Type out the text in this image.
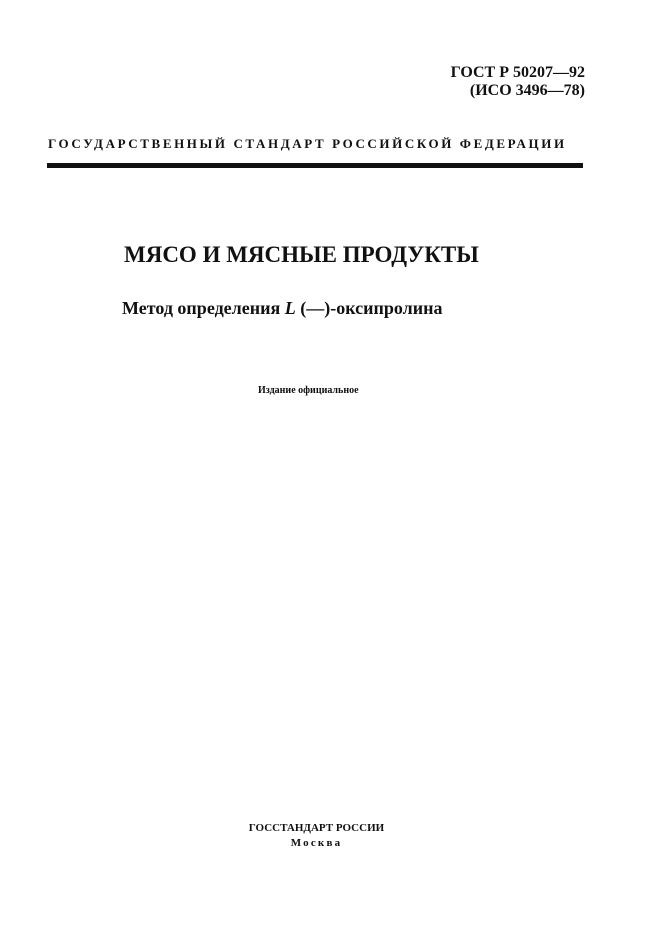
ГОСТ Р 50207—92
(ИСО 3496—78)
ГОСУДАРСТВЕННЫЙ СТАНДАРТ РОССИЙСКОЙ ФЕДЕРАЦИИ
МЯСО И МЯСНЫЕ ПРОДУКТЫ
Метод определения L (—)-оксипролина
Издание официальное
ГОССТАНДАРТ РОССИИ
Москва
